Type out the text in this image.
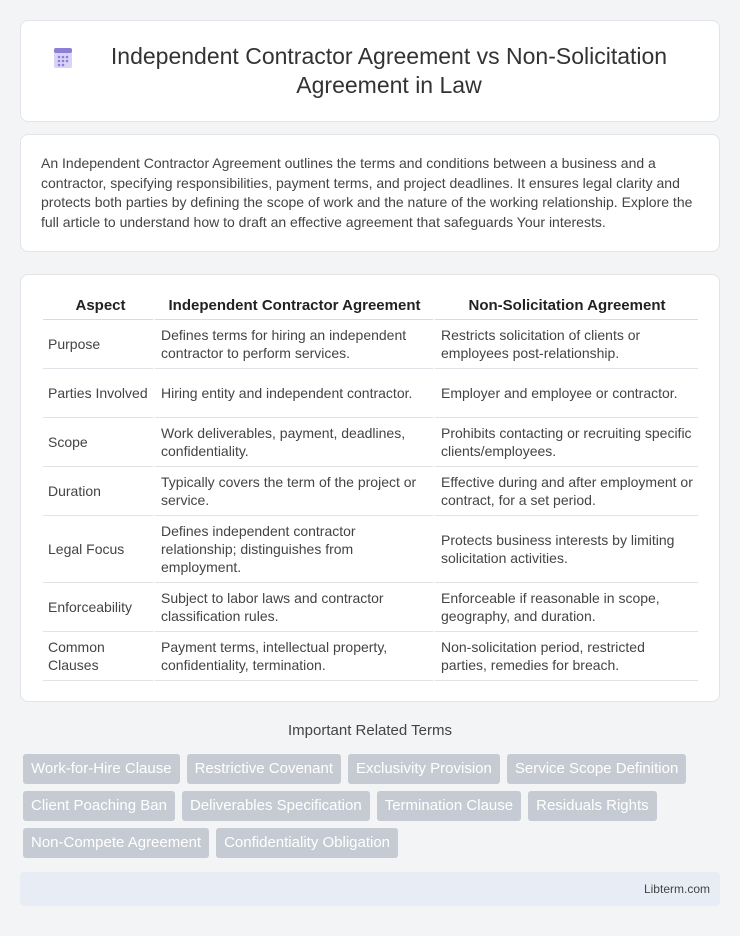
Independent Contractor Agreement vs Non-Solicitation Agreement in Law

An Independent Contractor Agreement outlines the terms and conditions between a business and a contractor, specifying responsibilities, payment terms, and project deadlines. It ensures legal clarity and protects both parties by defining the scope of work and the nature of the working relationship. Explore the full article to understand how to draft an effective agreement that safeguards Your interests.

Aspect	Independent Contractor Agreement	Non-Solicitation Agreement
Purpose	Defines terms for hiring an independent contractor to perform services.	Restricts solicitation of clients or employees post-relationship.
Parties Involved	Hiring entity and independent contractor.	Employer and employee or contractor.
Scope	Work deliverables, payment, deadlines, confidentiality.	Prohibits contacting or recruiting specific clients/employees.
Duration	Typically covers the term of the project or service.	Effective during and after employment or contract, for a set period.
Legal Focus	Defines independent contractor relationship; distinguishes from employment.	Protects business interests by limiting solicitation activities.
Enforceability	Subject to labor laws and contractor classification rules.	Enforceable if reasonable in scope, geography, and duration.
Common Clauses	Payment terms, intellectual property, confidentiality, termination.	Non-solicitation period, restricted parties, remedies for breach.
Important Related Terms
Work-for-Hire Clause	Restrictive Covenant	Exclusivity Provision	Service Scope Definition
Client Poaching Ban	Deliverables Specification	Termination Clause	Residuals Rights
Non-Compete Agreement	Confidentiality Obligation
Libterm.com
